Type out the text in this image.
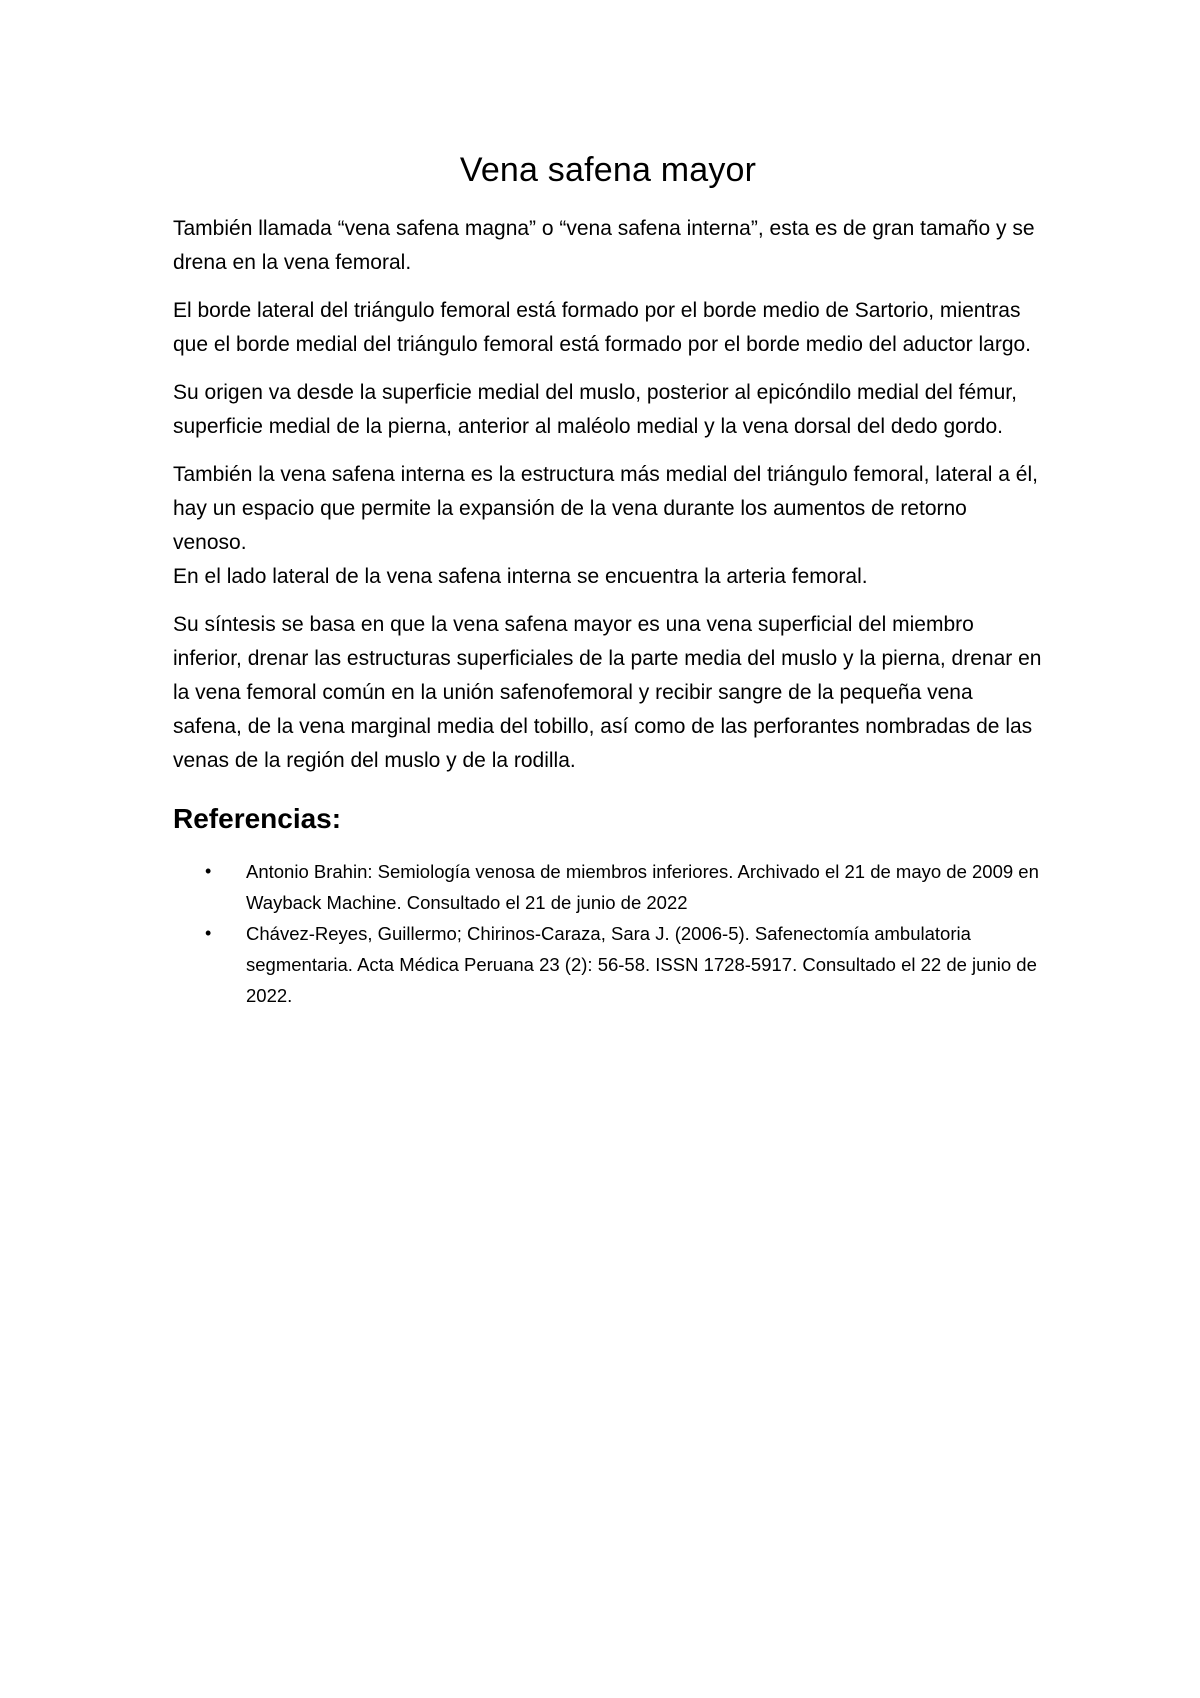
Vena safena mayor

También llamada “vena safena magna” o “vena safena interna”, esta es de gran tamaño y se drena en la vena femoral.

El borde lateral del triángulo femoral está formado por el borde medio de Sartorio, mientras que el borde medial del triángulo femoral está formado por el borde medio del aductor largo.

Su origen va desde la superficie medial del muslo, posterior al epicóndilo medial del fémur, superficie medial de la pierna, anterior al maléolo medial y la vena dorsal del dedo gordo.

También la vena safena interna es la estructura más medial del triángulo femoral, lateral a él, hay un espacio que permite la expansión de la vena durante los aumentos de retorno venoso.

En el lado lateral de la vena safena interna se encuentra la arteria femoral.

Su síntesis se basa en que la vena safena mayor es una vena superficial del miembro inferior, drenar las estructuras superficiales de la parte media del muslo y la pierna, drenar en la vena femoral común en la unión safenofemoral y recibir sangre de la pequeña vena safena, de la vena marginal media del tobillo, así como de las perforantes nombradas de las venas de la región del muslo y de la rodilla.

Referencias:
• Antonio Brahin: Semiología venosa de miembros inferiores. Archivado el 21 de mayo de 2009 en Wayback Machine. Consultado el 21 de junio de 2022
• Chávez-Reyes, Guillermo; Chirinos-Caraza, Sara J. (2006-5). Safenectomía ambulatoria segmentaria. Acta Médica Peruana 23 (2): 56-58. ISSN 1728-5917. Consultado el 22 de junio de 2022.
